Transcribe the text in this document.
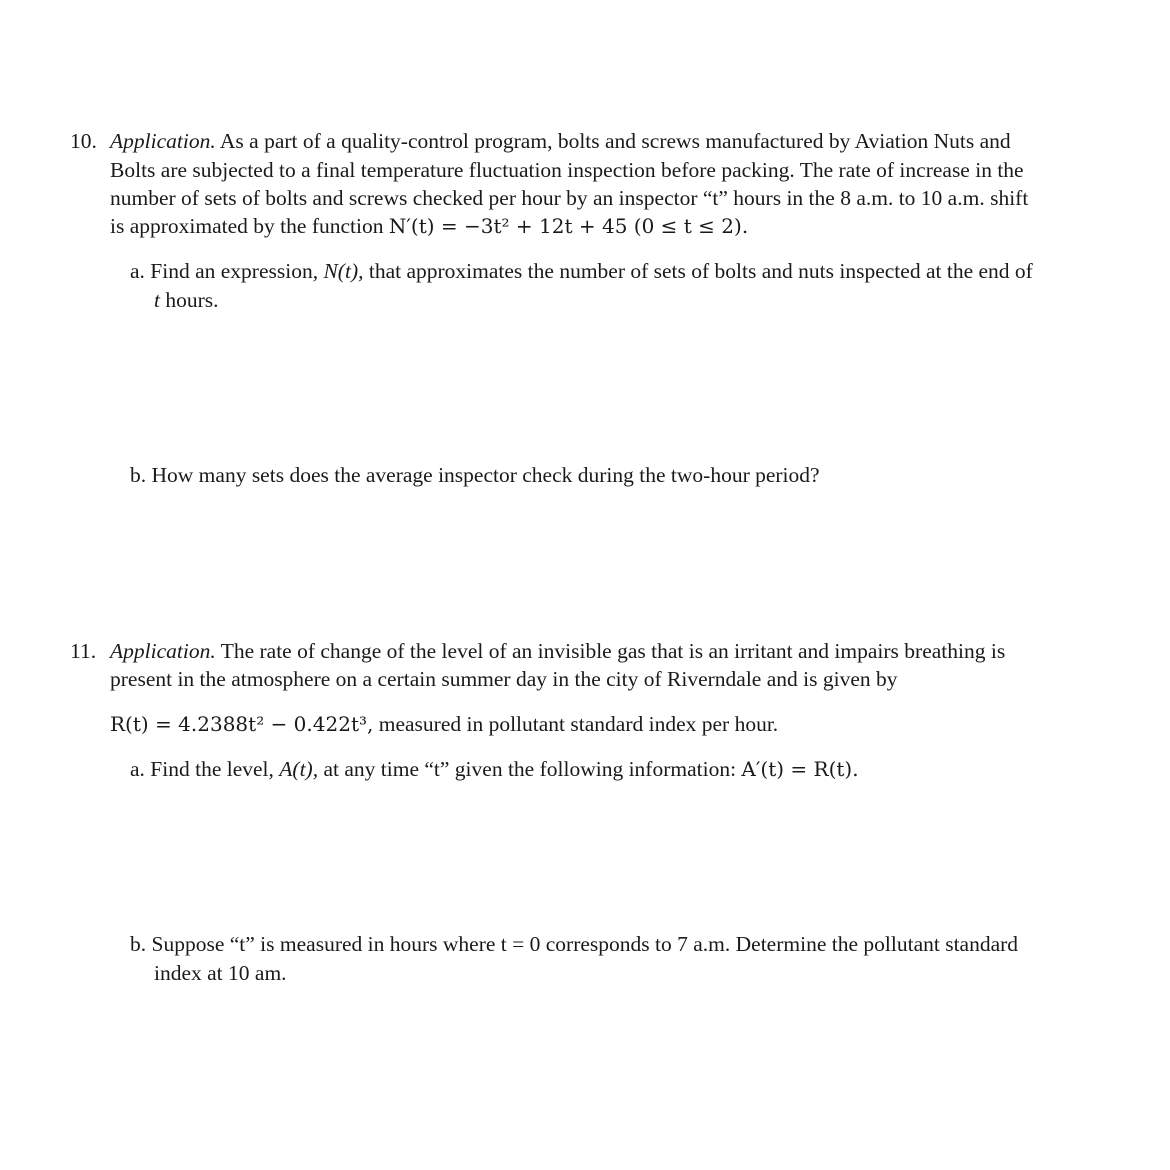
10. Application. As a part of a quality-control program, bolts and screws manufactured by Aviation Nuts and
Bolts are subjected to a final temperature fluctuation inspection before packing. The rate of increase in the
number of sets of bolts and screws checked per hour by an inspector “t” hours in the 8 a.m. to 10 a.m. shift
is approximated by the function N′(t) = −3t² + 12t + 45 (0 ≤ t ≤ 2).
a. Find an expression, N(t), that approximates the number of sets of bolts and nuts inspected at the end of
t hours.
b. How many sets does the average inspector check during the two-hour period?
11. Application. The rate of change of the level of an invisible gas that is an irritant and impairs breathing is
present in the atmosphere on a certain summer day in the city of Riverndale and is given by
R(t) = 4.2388t² − 0.422t³, measured in pollutant standard index per hour.
a. Find the level, A(t), at any time “t” given the following information: A′(t) = R(t).
b. Suppose “t” is measured in hours where t = 0 corresponds to 7 a.m. Determine the pollutant standard
index at 10 am.
